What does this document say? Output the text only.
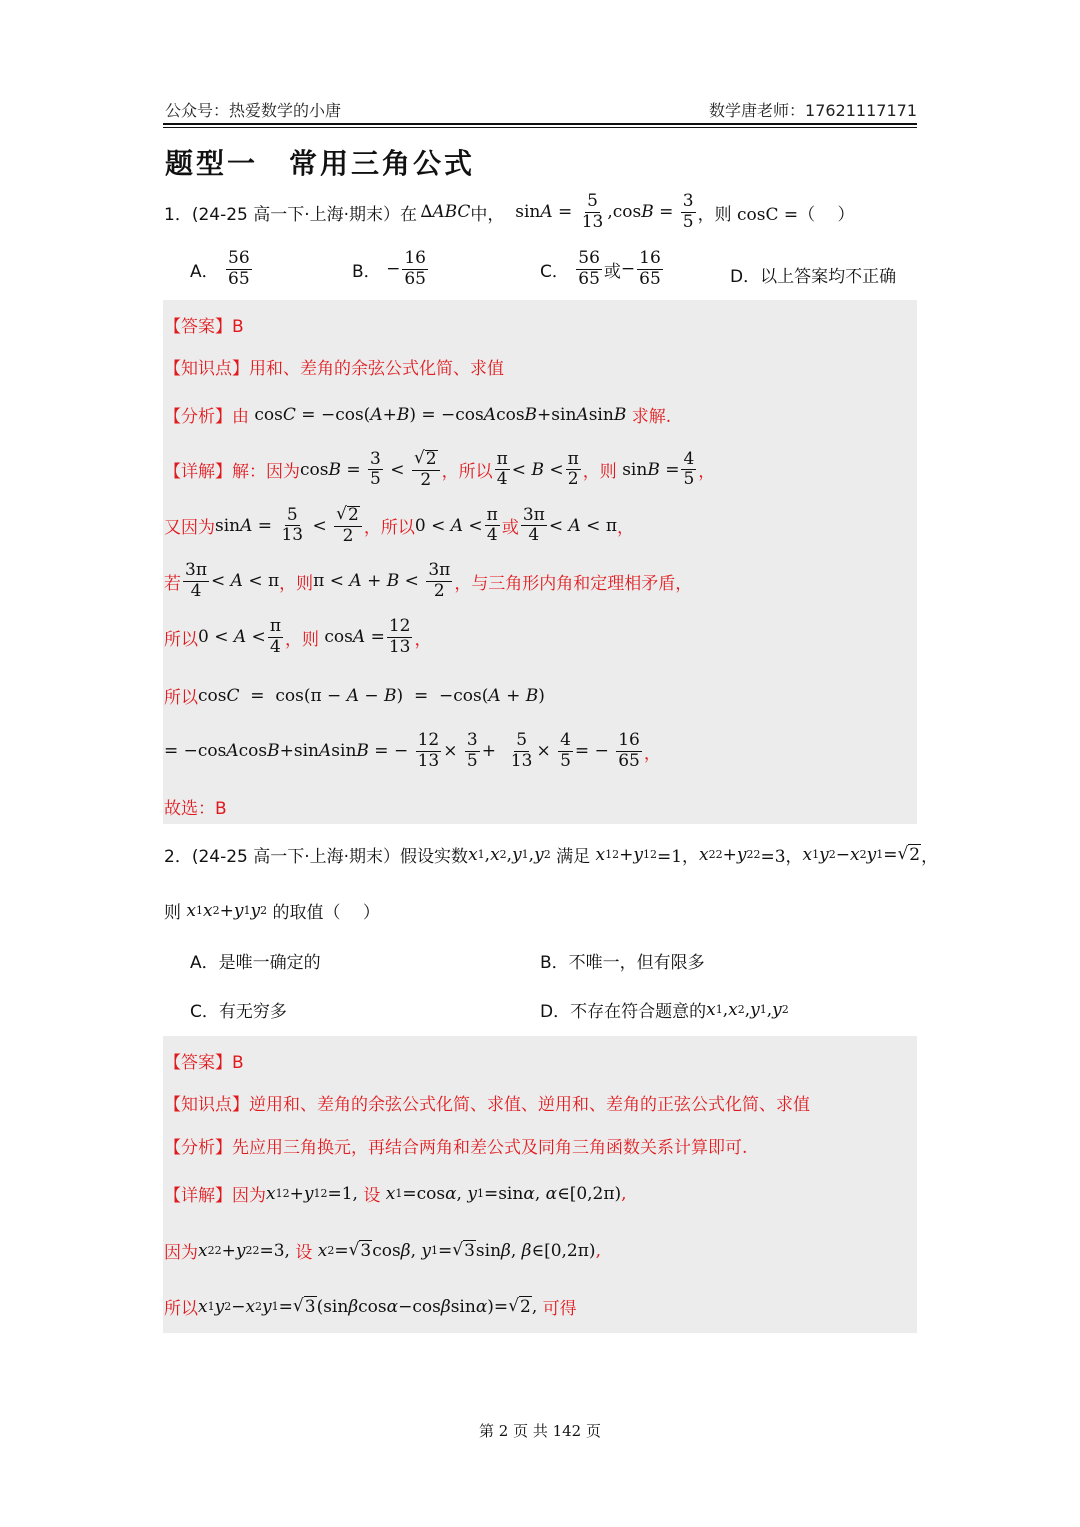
公众号：热爱数学的小唐	数学唐老师：17621117171
题型一　常用三角公式
1．(24-25 高一下·上海·期末）在  ∆ ABC 中， $\sin A = \frac{5}{13} ,\cos$ $B = \frac{3}{5}$ ，则 cosC =（　 ）
A．
$\frac{56}{65}$	B． − $\frac{16}{65}$	C．
$\frac{56}{65}$ 或 − $\frac{16}{65}$	D．以上答案均不正确
【答案】B
【知识点】用和、差角的余弦公式化简、求值
【分析】 由 cos C = −cos( A + B ) = −cos A cos B +sin A sin B
求解.
【详解】 解：因为 $\cos B = \frac{3}{5} < \frac{√ 2}{2}$ ， 所以 $\frac{\pi}{4} < B < \frac{\pi}{2}$ ， 则 $\sin B = \frac{4}{5}$ ，
又因为 $\sin A = \frac{5}{13} < \frac{√ 2}{2}$ ， 所以 $0 < A < \frac{\pi}{4}$ 或 $\frac{3\pi}{4} < A < \pi$ ，
若 $\frac{3\pi}{4} < A < \pi$ ， 则 $\pi < A + B < \frac{3\pi}{2}$ ， 与三角形内角和定理相矛盾，
所以 $0 < A < \frac{\pi}{4}$ ，则 $\cos A = \frac{12}{13}$ ，
所以 cos C =  cos(π − A − B )  =  −cos( A + B )
= −cos A cos B +sin A sin B = − $\frac{12}{13} \times \frac{3}{5} + \frac{5}{13} \times \frac{4}{5}$ = − $\frac{16}{65}$ ，
故选：B
2．(24-25 高一下·上海·期末）假设实数 x 1 , x 2 , y 1 , y 2
满足
x 1 2 + y 1 2 =1， x 2 2 + y 2 2 =3， x 1 y 2 − x 2 y 1 = √ 2 ，
则
x 1 x 2 + y 1 y 2
的取值（　 ）
A．是唯一确定的	B．不唯一，但有限多
C．有无穷多	D．不存在符合题意的 x 1 , x 2 , y 1 , y 2
【答案】B
【知识点】逆用和、差角的余弦公式化简、求值、逆用和、差角的正弦公式化简、求值
【分析】先应用三角换元，再结合两角和差公式及同角三角函数关系计算即可.
【详解】 因为 x 1 2 + y 1 2 =1, 设
x 1 =cos α , y 1 =sin α , α ∈[0,2π) ,
因为 x 2 2 + y 2 2 =3, 设
x 2 = √ 3 cos β , y 1 = √ 3 sin β , β ∈[0,2π) ,
所以 x 1 y 2 − x 2 y 1 = √ 3 (sin β cos α −cos β sin α )= √ 2 , 可得
第 2 页 共 142 页
